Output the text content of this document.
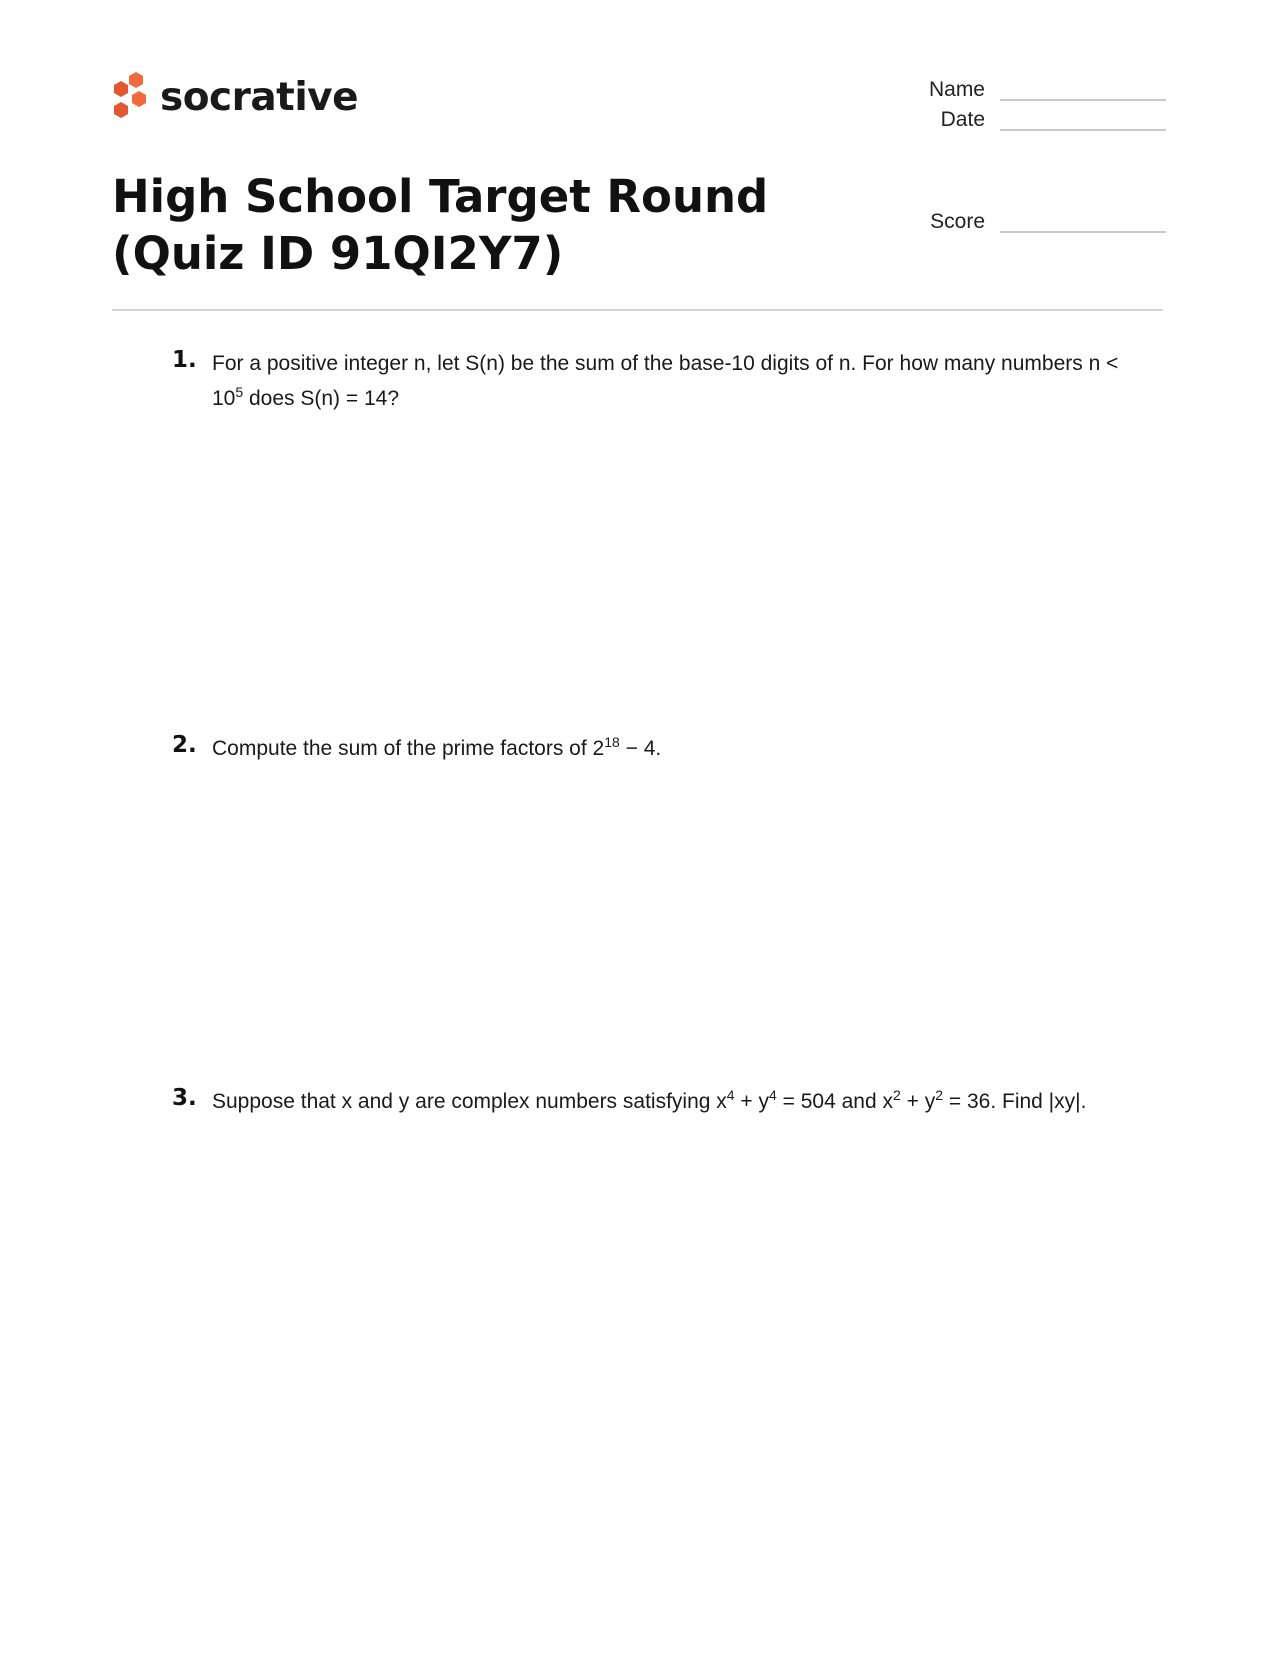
socrative	Name
Date
Score
High School Target Round (Quiz ID 91QI2Y7)
1. For a positive integer n, let S(n) be the sum of the base-10 digits of n. For how many numbers $n < 10^5$ does S(n) = 14?

2. Compute the sum of the prime factors of $2^{18} - 4$.

3. Suppose that x and y are complex numbers satisfying $x^4 + y^4 = 504$ and $x^2 + y^2 = 36$. Find |xy|.
